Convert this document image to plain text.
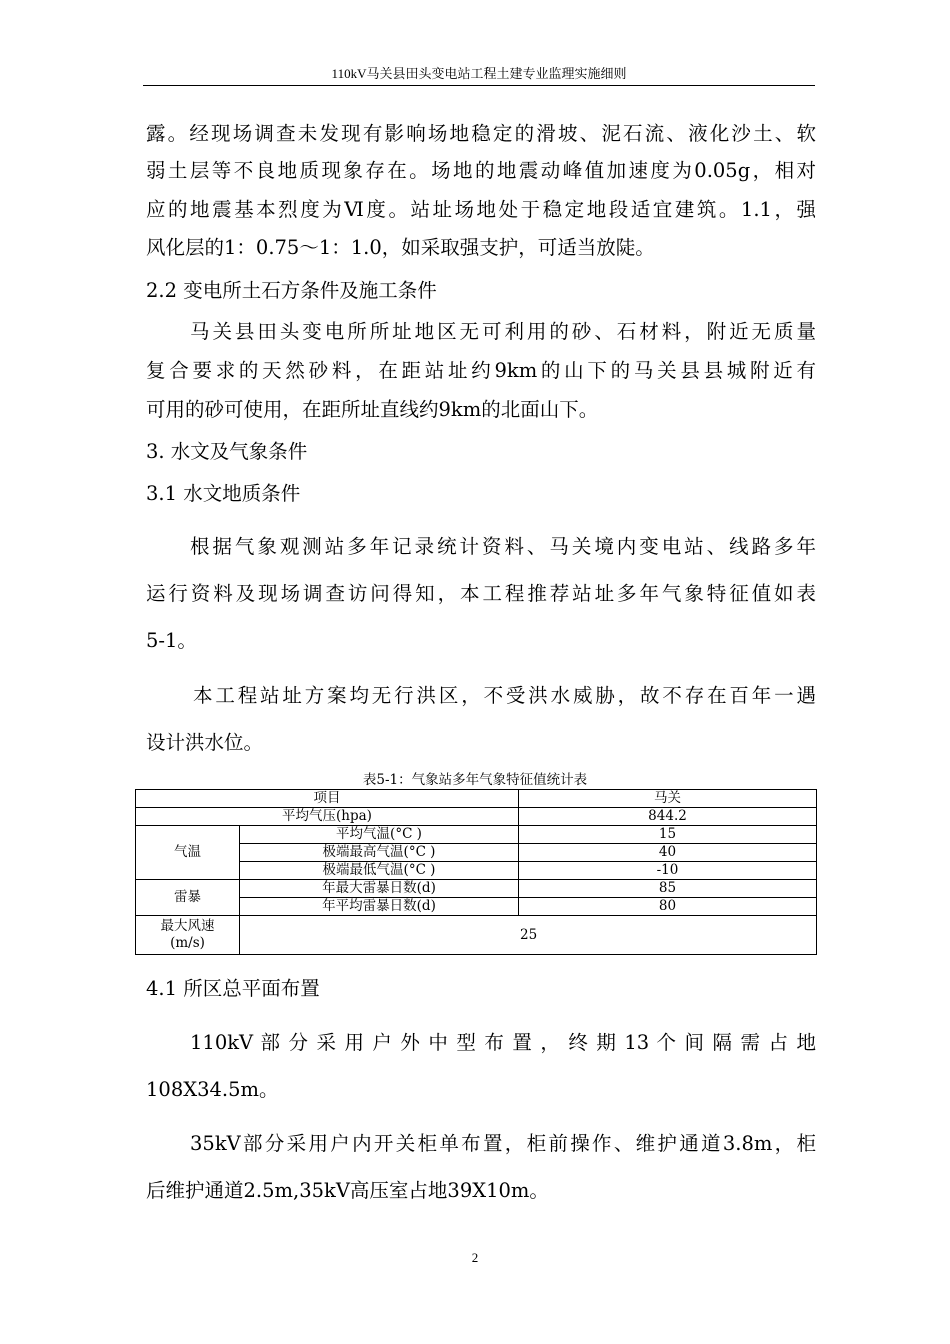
110kV马关县田头变电站工程土建专业监理实施细则
露。经现场调查未发现有影响场地稳定的滑坡、泥石流、液化沙土、软
弱土层等不良地质现象存在。场地的地震动峰值加速度为0.05g，相对
应的地震基本烈度为Ⅵ度。站址场地处于稳定地段适宜建筑。1.1，强
风化层的1：0.75～1：1.0，如采取强支护，可适当放陡。
2.2 变电所土石方条件及施工条件
马关县田头变电所所址地区无可利用的砂、石材料，附近无质量
复合要求的天然砂料，在距站址约9km的山下的马关县县城附近有
可用的砂可使用，在距所址直线约9km的北面山下。
3. 水文及气象条件
3.1 水文地质条件
根据气象观测站多年记录统计资料、马关境内变电站、线路多年
运行资料及现场调查访问得知，本工程推荐站址多年气象特征值如表
5-1。
本工程站址方案均无行洪区，不受洪水威胁，故不存在百年一遇
设计洪水位。
表5-1：气象站多年气象特征值统计表
项目		马关
平均气压(hpa)		844.2
气温	平均气温(°C )	15
	极端最高气温(°C )	40
	极端最低气温(°C )	-10
雷暴	年最大雷暴日数(d)	85
	年平均雷暴日数(d)	80

最大风速
(m/s)	25	
4.1 所区总平面布置
110kV 部 分 采 用 户 外 中 型 布 置 ， 终 期 13 个 间 隔 需 占 地
108X34.5m。
35kV部分采用户内开关柜单布置，柜前操作、维护通道3.8m，柜
后维护通道2.5m,35kV高压室占地39X10m。
2
